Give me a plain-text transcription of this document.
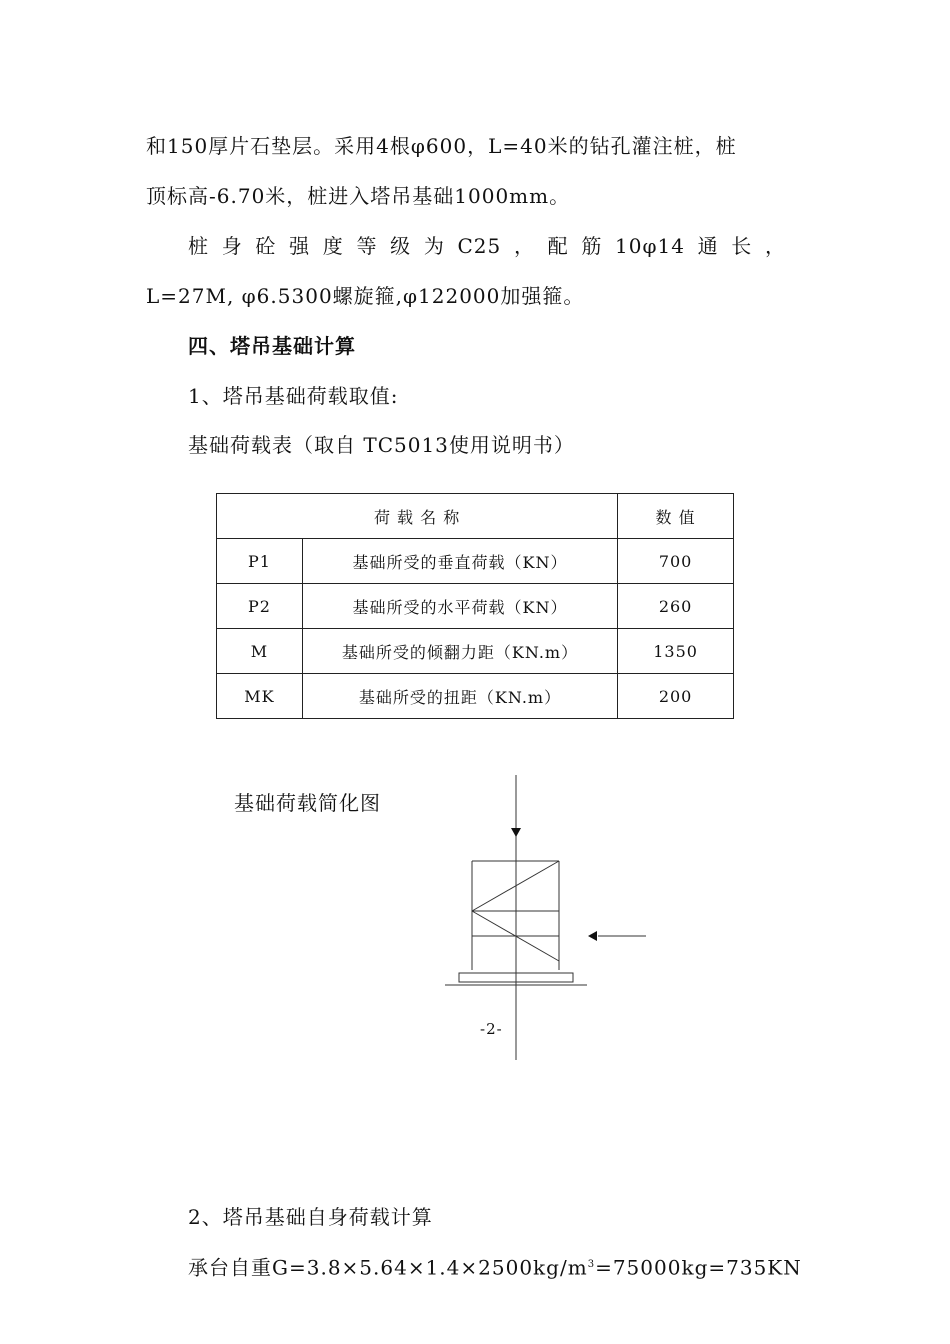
和150厚片石垫层。采用4根φ600，L=40米的钻孔灌注桩，桩
顶标高-6.70米，桩进入塔吊基础1000mm。
桩 身 砼 强 度 等 级 为 C25 ， 配 筋 10φ14 通 长 ，
L=27M, φ6.5300螺旋箍,φ122000加强箍。
四、塔吊基础计算
1、塔吊基础荷载取值:
基础荷载表（取自 TC5013使用说明书）
荷 载 名 称		数 值
P1	基础所受的垂直荷载（KN）	700
P2	基础所受的水平荷载（KN）	260
M	基础所受的倾翻力距（KN.m）	1350
MK	基础所受的扭距（KN.m）	200
基础荷载简化图
-2-
2、塔吊基础自身荷载计算
承台自重$G=3.8\times 5.64\times 1.4\times 2500kg/m^3=75000kg=735KN$
